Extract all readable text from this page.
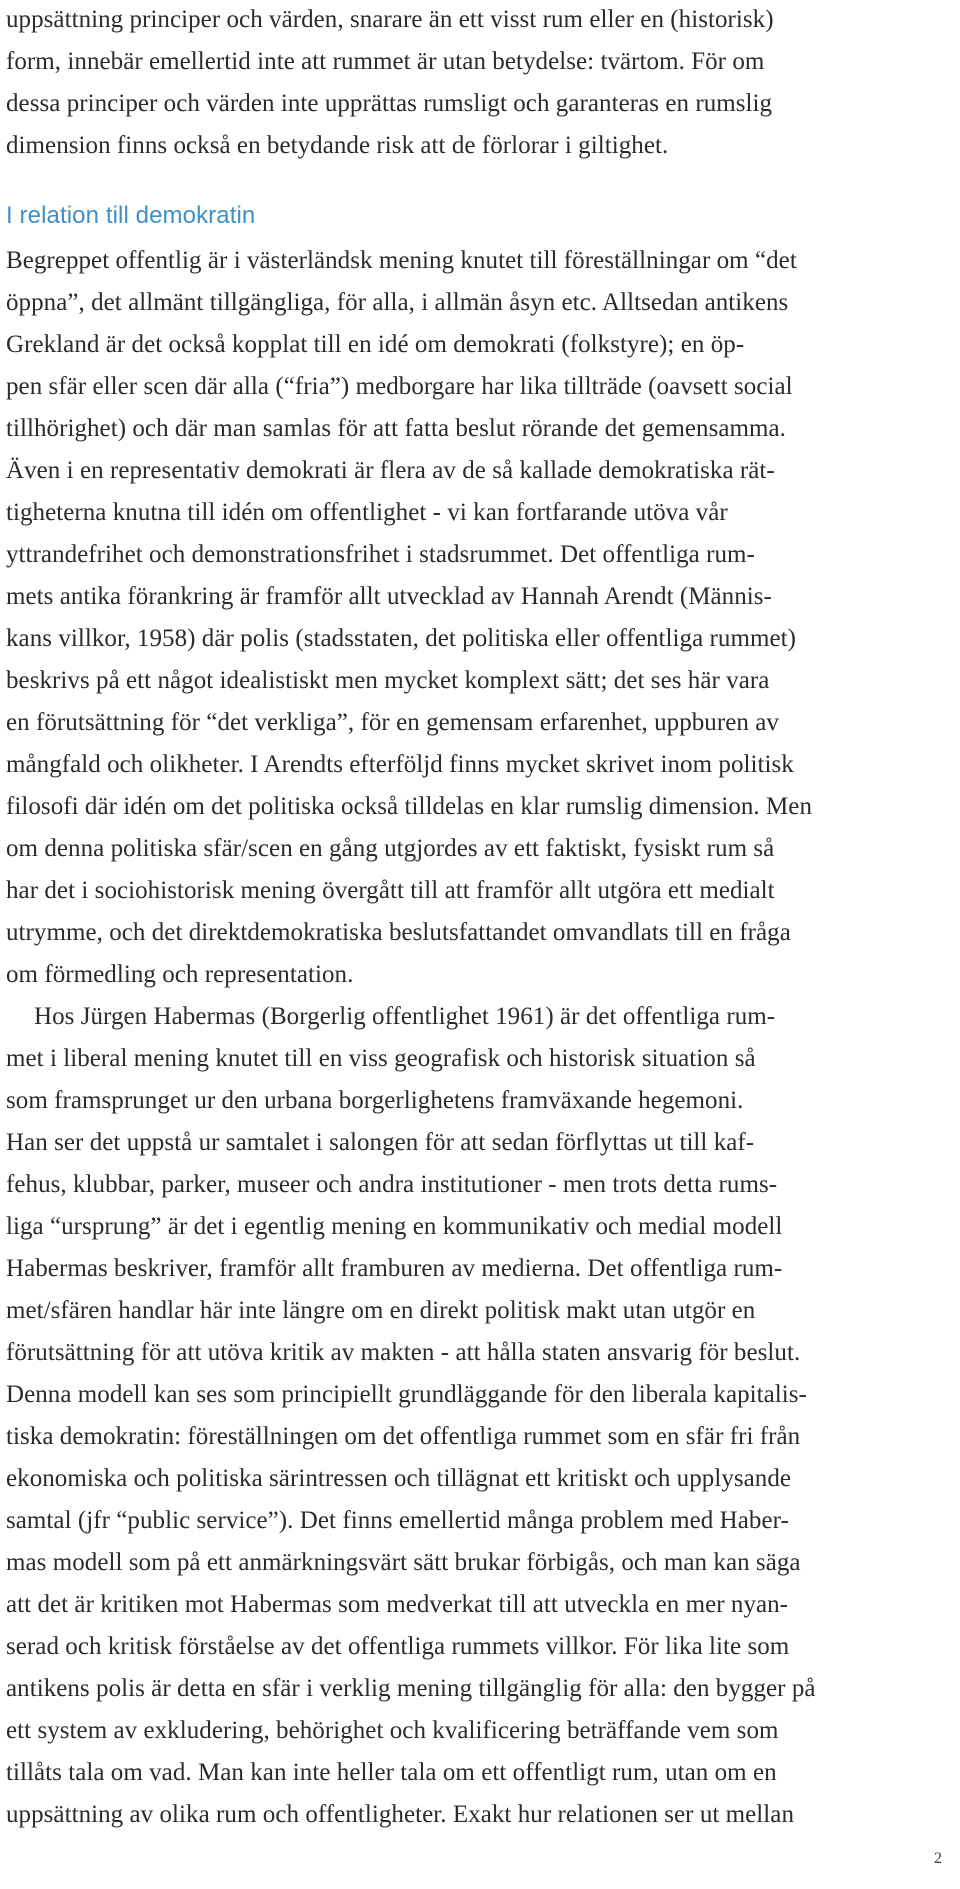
uppsättning principer och värden, snarare än ett visst rum eller en (historisk)
form, innebär emellertid inte att rummet är utan betydelse: tvärtom. För om
dessa principer och värden inte upprättas rumsligt och garanteras en rumslig
dimension finns också en betydande risk att de förlorar i giltighet.
I relation till demokratin
Begreppet offentlig är i västerländsk mening knutet till föreställningar om “det
öppna”, det allmänt tillgängliga, för alla, i allmän åsyn etc. Alltsedan antikens
Grekland är det också kopplat till en idé om demokrati (folkstyre); en öp-
pen sfär eller scen där alla (“fria”) medborgare har lika tillträde (oavsett social
tillhörighet) och där man samlas för att fatta beslut rörande det gemensamma.
Även i en representativ demokrati är flera av de så kallade demokratiska rät-
tigheterna knutna till idén om offentlighet - vi kan fortfarande utöva vår
yttrandefrihet och demonstrationsfrihet i stadsrummet. Det offentliga rum-
mets antika förankring är framför allt utvecklad av Hannah Arendt (Männis-
kans villkor, 1958) där polis (stadsstaten, det politiska eller offentliga rummet)
beskrivs på ett något idealistiskt men mycket komplext sätt; det ses här vara
en förutsättning för “det verkliga”, för en gemensam erfarenhet, uppburen av
mångfald och olikheter. I Arendts efterföljd finns mycket skrivet inom politisk
filosofi där idén om det politiska också tilldelas en klar rumslig dimension. Men
om denna politiska sfär/scen en gång utgjordes av ett faktiskt, fysiskt rum så
har det i sociohistorisk mening övergått till att framför allt utgöra ett medialt
utrymme, och det direktdemokratiska beslutsfattandet omvandlats till en fråga
om förmedling och representation.
Hos Jürgen Habermas (Borgerlig offentlighet 1961) är det offentliga rum-
met i liberal mening knutet till en viss geografisk och historisk situation så
som framsprunget ur den urbana borgerlighetens framväxande hegemoni.
Han ser det uppstå ur samtalet i salongen för att sedan förflyttas ut till kaf-
fehus, klubbar, parker, museer och andra institutioner - men trots detta rums-
liga “ursprung” är det i egentlig mening en kommunikativ och medial modell
Habermas beskriver, framför allt framburen av medierna. Det offentliga rum-
met/sfären handlar här inte längre om en direkt politisk makt utan utgör en
förutsättning för att utöva kritik av makten - att hålla staten ansvarig för beslut.
Denna modell kan ses som principiellt grundläggande för den liberala kapitalis-
tiska demokratin: föreställningen om det offentliga rummet som en sfär fri från
ekonomiska och politiska särintressen och tillägnat ett kritiskt och upplysande
samtal (jfr “public service”). Det finns emellertid många problem med Haber-
mas modell som på ett anmärkningsvärt sätt brukar förbigås, och man kan säga
att det är kritiken mot Habermas som medverkat till att utveckla en mer nyan-
serad och kritisk förståelse av det offentliga rummets villkor. För lika lite som
antikens polis är detta en sfär i verklig mening tillgänglig för alla: den bygger på
ett system av exkludering, behörighet och kvalificering beträffande vem som
tillåts tala om vad. Man kan inte heller tala om ett offentligt rum, utan om en
uppsättning av olika rum och offentligheter. Exakt hur relationen ser ut mellan
2
